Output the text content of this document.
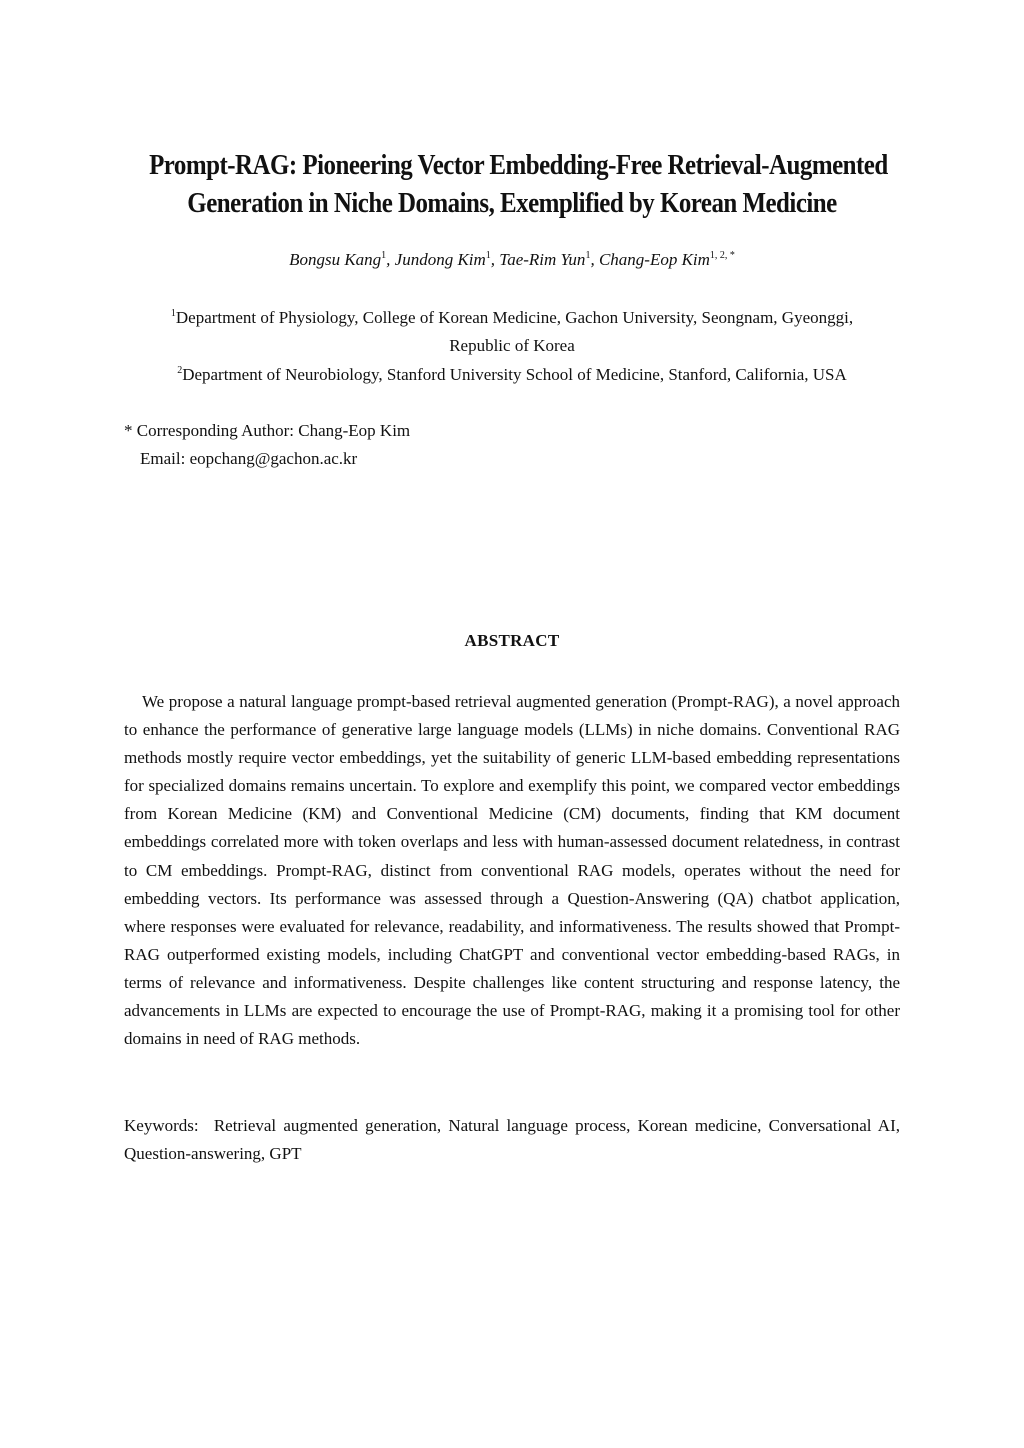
Prompt-RAG: Pioneering Vector Embedding-Free Retrieval-Augmented
Generation in Niche Domains, Exemplified by Korean Medicine
Bongsu Kang$^1$, Jundong Kim$^1$, Tae-Rim Yun$^1$, Chang-Eop Kim$^{1, 2, *}$
$^1$Department of Physiology, College of Korean Medicine, Gachon University, Seongnam, Gyeonggi,
Republic of Korea
$^2$Department of Neurobiology, Stanford University School of Medicine, Stanford, California, USA
* Corresponding Author: Chang-Eop Kim
Email: eopchang@gachon.ac.kr
ABSTRACT

We propose a natural language prompt-based retrieval augmented generation (Prompt-RAG), a novel approach to enhance the performance of generative large language models (LLMs) in niche domains. Conventional RAG methods mostly require vector embeddings, yet the suitability of generic LLM-based embedding representations for specialized domains remains uncertain. To explore and exemplify this point, we compared vector embeddings from Korean Medicine (KM) and Conventional Medicine (CM) documents, finding that KM document embeddings correlated more with token overlaps and less with human-assessed document relatedness, in contrast to CM embeddings. Prompt-RAG, distinct from conventional RAG models, operates without the need for embedding vectors. Its performance was assessed through a Question-Answering (QA) chatbot application, where responses were evaluated for relevance, readability, and informativeness. The results showed that Prompt-RAG outperformed existing models, including ChatGPT and conventional vector embedding-based RAGs, in terms of relevance and informativeness. Despite challenges like content structuring and response latency, the advancements in LLMs are expected to encourage the use of Prompt-RAG, making it a promising tool for other domains in need of RAG methods.

Keywords: Retrieval augmented generation, Natural language process, Korean medicine, Conversational AI, Question-answering, GPT
